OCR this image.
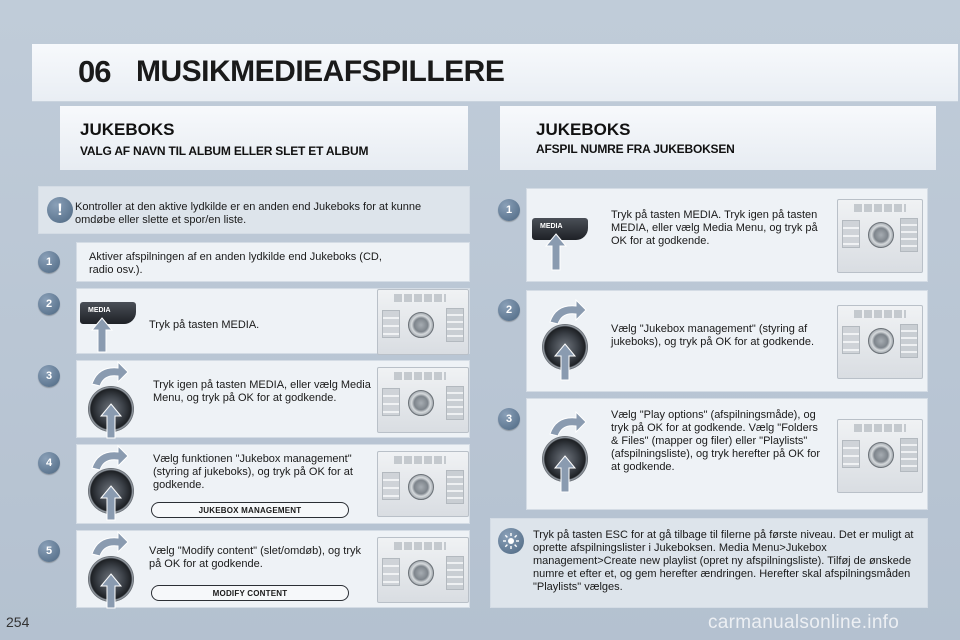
06 MUSIKMEDIEAFSPILLERE
JUKEBOKS
VALG AF NAVN TIL ALBUM ELLER SLET ET ALBUM
JUKEBOKS
AFSPIL NUMRE FRA JUKEBOKSEN
!	Kontroller at den aktive lydkilde er en anden end Jukeboks for at kunne omdøbe eller slette et spor/en liste.
Aktiver afspilningen af en anden lydkilde end Jukeboks (CD, radio osv.).
1
Tryk på tasten MEDIA.
2
MEDIA
Tryk igen på tasten MEDIA, eller vælg Media Menu, og tryk på OK for at godkende.
3
Vælg funktionen "Jukebox management" (styring af jukeboks), og tryk på OK for at godkende.
JUKEBOX MANAGEMENT
4
Vælg "Modify content" (slet/omdøb), og tryk på OK for at godkende.
MODIFY CONTENT
5
Tryk på tasten MEDIA. Tryk igen på tasten MEDIA, eller vælg Media Menu, og tryk på OK for at godkende.
1
MEDIA
Vælg "Jukebox management" (styring af jukeboks), og tryk på OK for at godkende.
2
Vælg "Play options" (afspilningsmåde), og tryk på OK for at godkende. Vælg "Folders & Files" (mapper og filer) eller "Playlists" (afspilningsliste), og tryk herefter på OK for at godkende.
3
Tryk på tasten ESC for at gå tilbage til filerne på første niveau. Det er muligt at oprette afspilningslister i Jukeboksen. Media Menu>Jukebox management>Create new playlist (opret ny afspilningsliste). Tilføj de ønskede numre et efter et, og gem herefter ændringen. Herefter skal afspilningsmåden "Playlists" vælges.
254	carmanualsonline.info
